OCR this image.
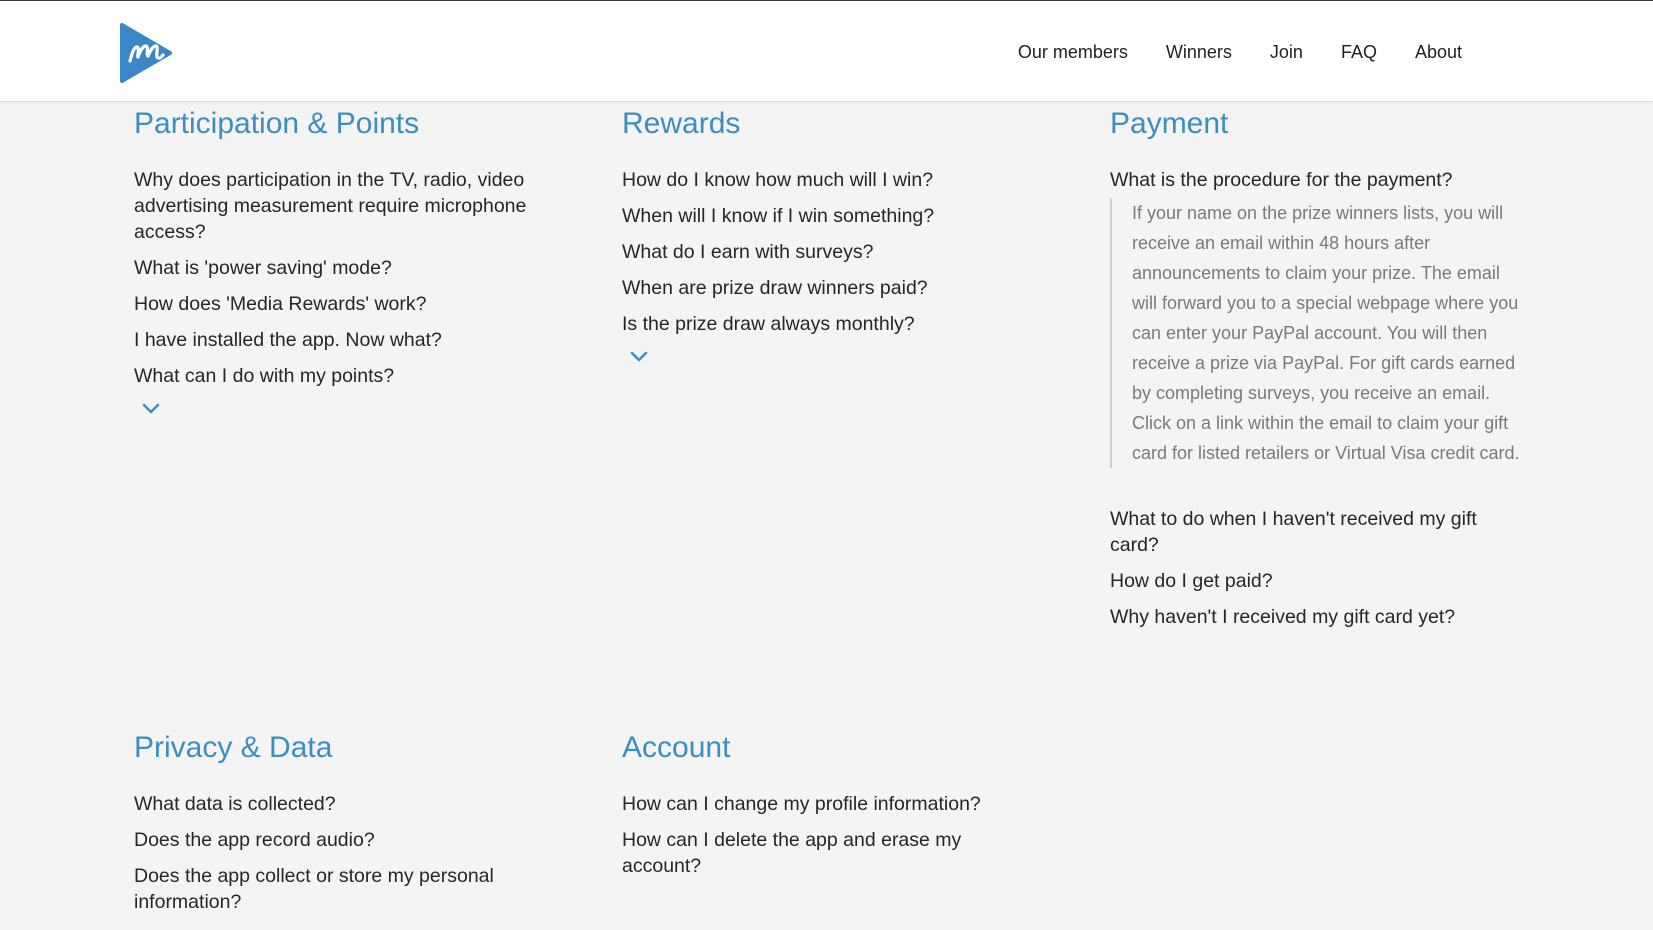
Our members Winners Join FAQ About
Participation & Points
Why does participation in the TV, radio, video advertising measurement require microphone access?
What is 'power saving' mode?
How does 'Media Rewards' work?
I have installed the app. Now what?
What can I do with my points?
Rewards
How do I know how much will I win?
When will I know if I win something?
What do I earn with surveys?
When are prize draw winners paid?
Is the prize draw always monthly?
Payment
What is the procedure for the payment?
If your name on the prize winners lists, you will receive an email within 48 hours after announcements to claim your prize. The email will forward you to a special webpage where you can enter your PayPal account. You will then receive a prize via PayPal. For gift cards earned by completing surveys, you receive an email. Click on a link within the email to claim your gift card for listed retailers or Virtual Visa credit card.
What to do when I haven't received my gift card?
How do I get paid?
Why haven't I received my gift card yet?
Privacy & Data
What data is collected?
Does the app record audio?
Does the app collect or store my personal information?
Account
How can I change my profile information?
How can I delete the app and erase my account?
